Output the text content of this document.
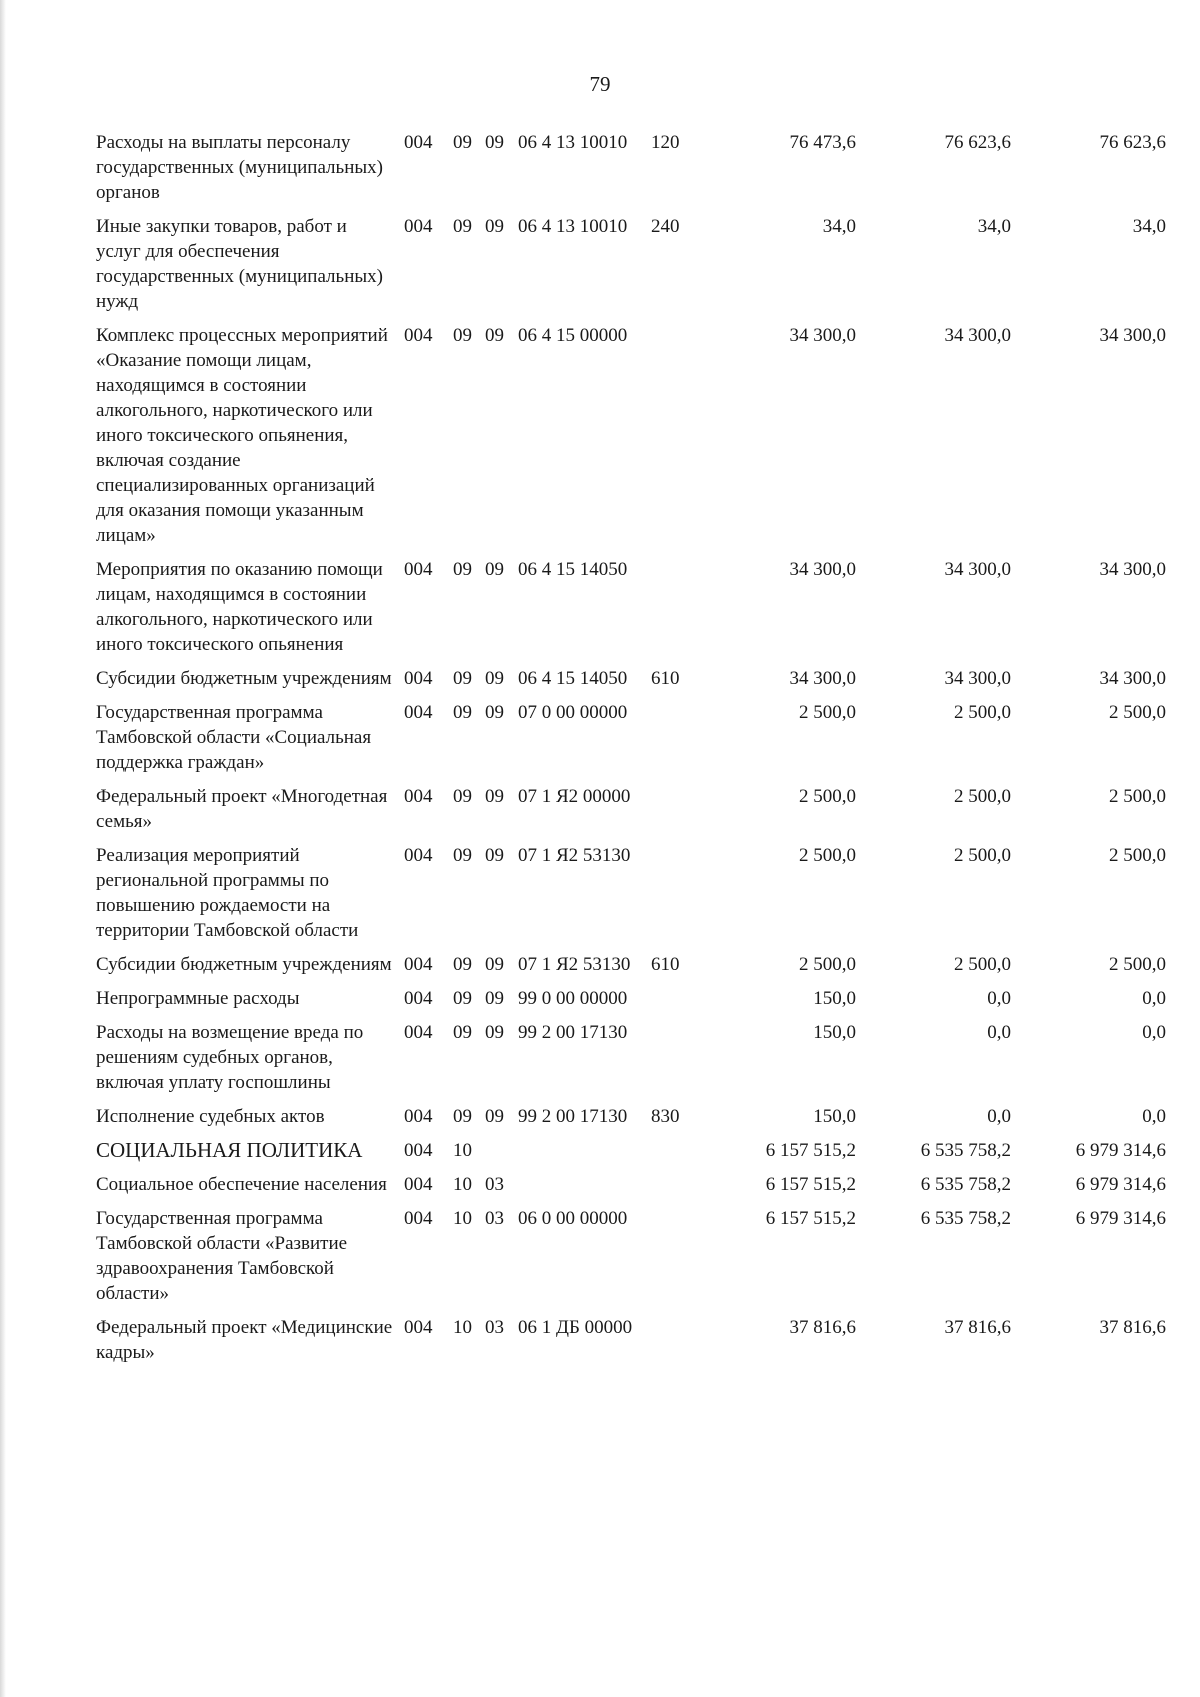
79
Расходы на выплаты персоналу государственных (муниципальных) органов	004	09	09	06 4 13 10010	120	76 473,6	76 623,6	76 623,6
Иные закупки товаров, работ и услуг для обеспечения государственных (муниципальных) нужд	004	09	09	06 4 13 10010	240	34,0	34,0	34,0
Комплекс процессных мероприятий «Оказание помощи лицам, находящимся в состоянии алкогольного, наркотического или иного токсического опьянения, включая создание специализированных организаций для оказания помощи указанным лицам»	004	09	09	06 4 15 00000		34 300,0	34 300,0	34 300,0
Мероприятия по оказанию помощи лицам, находящимся в состоянии алкогольного, наркотического или иного токсического опьянения	004	09	09	06 4 15 14050		34 300,0	34 300,0	34 300,0
Субсидии бюджетным учреждениям	004	09	09	06 4 15 14050	610	34 300,0	34 300,0	34 300,0
Государственная программа Тамбовской области «Социальная поддержка граждан»	004	09	09	07 0 00 00000		2 500,0	2 500,0	2 500,0
Федеральный проект «Многодетная семья»	004	09	09	07 1 Я2 00000		2 500,0	2 500,0	2 500,0
Реализация мероприятий региональной программы по повышению рождаемости на территории Тамбовской области	004	09	09	07 1 Я2 53130		2 500,0	2 500,0	2 500,0
Субсидии бюджетным учреждениям	004	09	09	07 1 Я2 53130	610	2 500,0	2 500,0	2 500,0
Непрограммные расходы	004	09	09	99 0 00 00000		150,0	0,0	0,0
Расходы на возмещение вреда по решениям судебных органов, включая уплату госпошлины	004	09	09	99 2 00 17130		150,0	0,0	0,0
Исполнение судебных актов	004	09	09	99 2 00 17130	830	150,0	0,0	0,0
СОЦИАЛЬНАЯ ПОЛИТИКА	004	10				6 157 515,2	6 535 758,2	6 979 314,6
Социальное обеспечение населения	004	10	03			6 157 515,2	6 535 758,2	6 979 314,6
Государственная программа Тамбовской области «Развитие здравоохранения Тамбовской области»	004	10	03	06 0 00 00000		6 157 515,2	6 535 758,2	6 979 314,6
Федеральный проект «Медицинские кадры»	004	10	03	06 1 ДБ 00000		37 816,6	37 816,6	37 816,6
